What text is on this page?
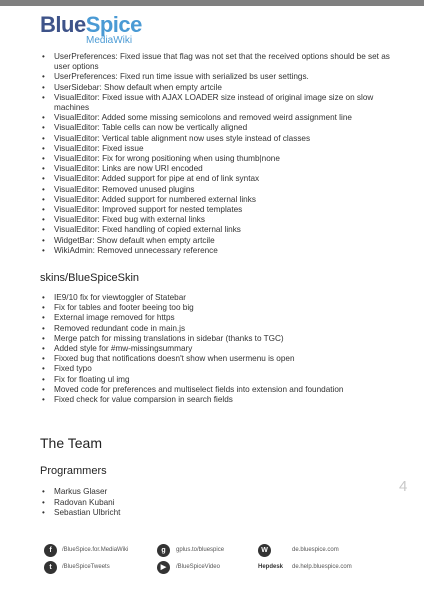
BlueSpice
MediaWiki
• UserPreferences: Fixed issue that flag was not set that the received options should be set as user options
• UserPreferences: Fixed run time issue with serialized bs user settings.
• UserSidebar: Show default when empty artcile
• VisualEditor: Fixed issue with AJAX LOADER size instead of original image size on slow machines
• VisualEditor: Added some missing semicolons and removed weird assignment line
• VisualEditor: Table cells can now be vertically aligned
• VisualEditor: Vertical table alignment now uses style instead of classes
• VisualEditor: Fixed issue
• VisualEditor: Fix for wrong positioning when using thumb|none
• VisualEditor: Links are now URI encoded
• VisualEditor: Added support for pipe at end of link syntax
• VisualEditor: Removed unused plugins
• VisualEditor: Added support for numbered external links
• VisualEditor: Improved support for nested templates
• VisualEditor: Fixed bug with external links
• VisualEditor: Fixed handling of copied external links
• WidgetBar: Show default when empty artcile
• WikiAdmin: Removed unnecessary reference
skins/BlueSpiceSkin
• IE9/10 fix for viewtoggler of Statebar
• Fix for tables and footer beeing too big
• External image removed for https
• Removed redundant code in main.js
• Merge patch for missing translations in sidebar (thanks to TGC)
• Added style for #mw-missingsummary
• Fixxed bug that notifications doesn't show when usermenu is open
• Fixed typo
• Fix for floating ul img
• Moved code for preferences and multiselect fields into extension and foundation
• Fixed check for value comparsion in search fields
The Team
Programmers
• Markus Glaser
• Radovan Kubani
• Sebastian Ulbricht
4
f	/BlueSpice.for.MediaWiki	g	gplus.to/bluespice	W	de.bluespice.com
t	/BlueSpiceTweets	▶	/BlueSpiceVideo	Hepdesk de.help.bluespice.com
